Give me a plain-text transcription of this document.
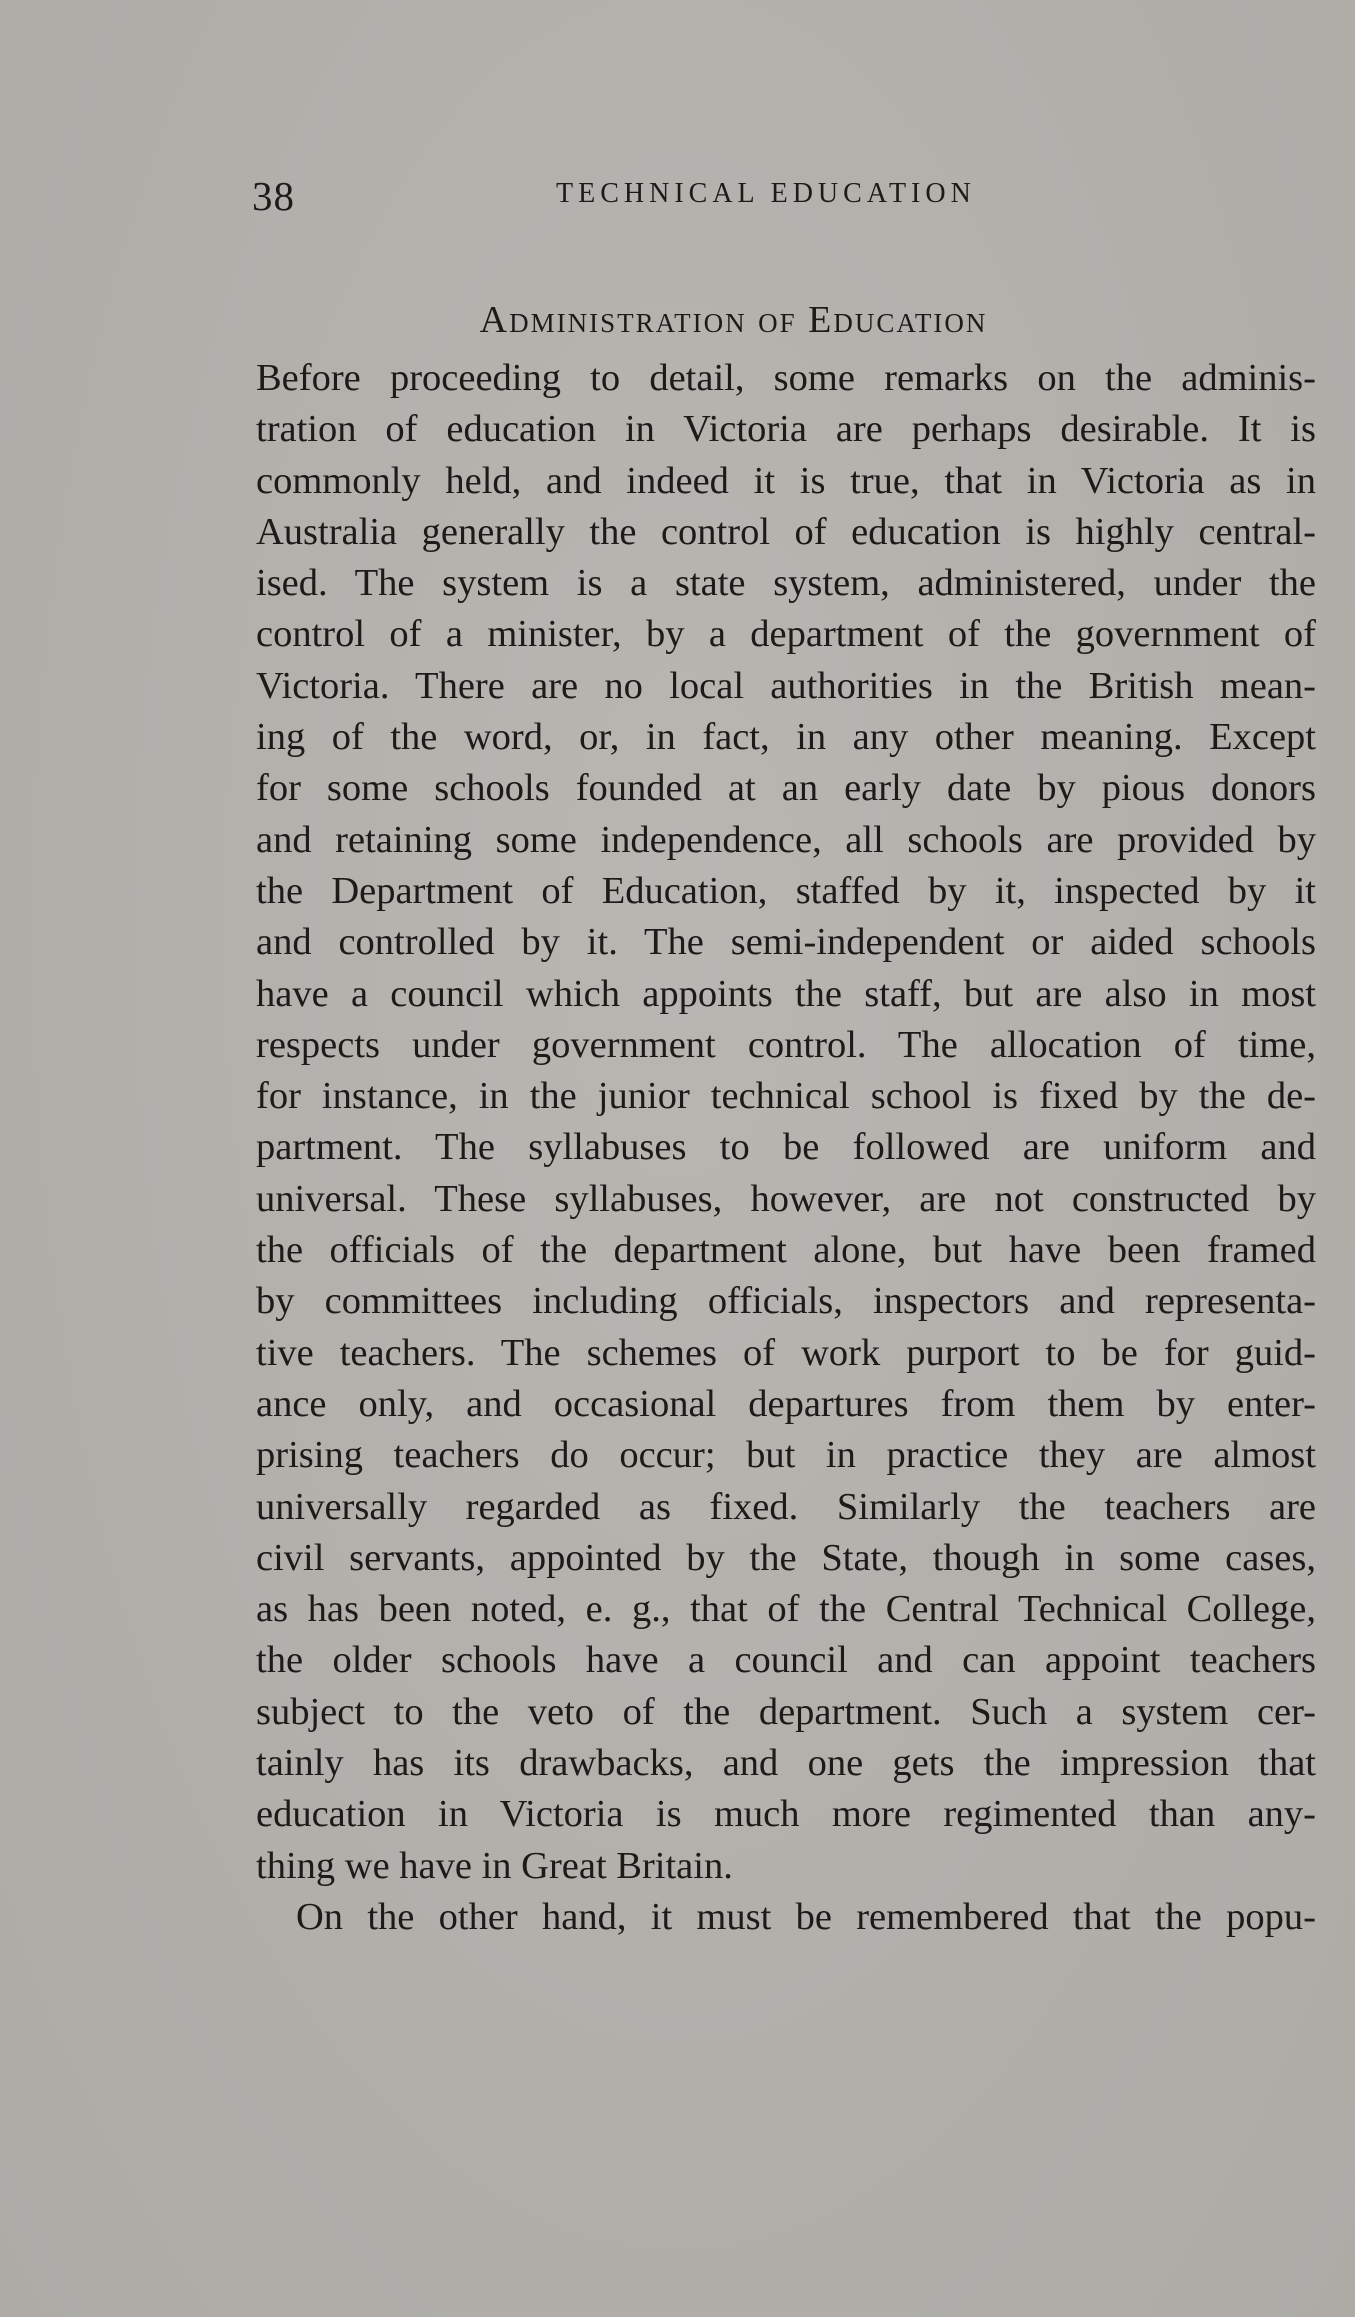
38	TECHNICAL EDUCATION
Administration of Education
Before proceeding to detail, some remarks on the adminis-
tration of education in Victoria are perhaps desirable. It is
commonly held, and indeed it is true, that in Victoria as in
Australia generally the control of education is highly central-
ised. The system is a state system, administered, under the
control of a minister, by a department of the government of
Victoria. There are no local authorities in the British mean-
ing of the word, or, in fact, in any other meaning. Except
for some schools founded at an early date by pious donors
and retaining some independence, all schools are provided by
the Department of Education, staffed by it, inspected by it
and controlled by it. The semi-independent or aided schools
have a council which appoints the staff, but are also in most
respects under government control. The allocation of time,
for instance, in the junior technical school is fixed by the de-
partment. The syllabuses to be followed are uniform and
universal. These syllabuses, however, are not constructed by
the officials of the department alone, but have been framed
by committees including officials, inspectors and representa-
tive teachers. The schemes of work purport to be for guid-
ance only, and occasional departures from them by enter-
prising teachers do occur; but in practice they are almost
universally regarded as fixed. Similarly the teachers are
civil servants, appointed by the State, though in some cases,
as has been noted, e. g., that of the Central Technical College,
the older schools have a council and can appoint teachers
subject to the veto of the department. Such a system cer-
tainly has its drawbacks, and one gets the impression that
education in Victoria is much more regimented than any-
thing we have in Great Britain.
On the other hand, it must be remembered that the popu-
